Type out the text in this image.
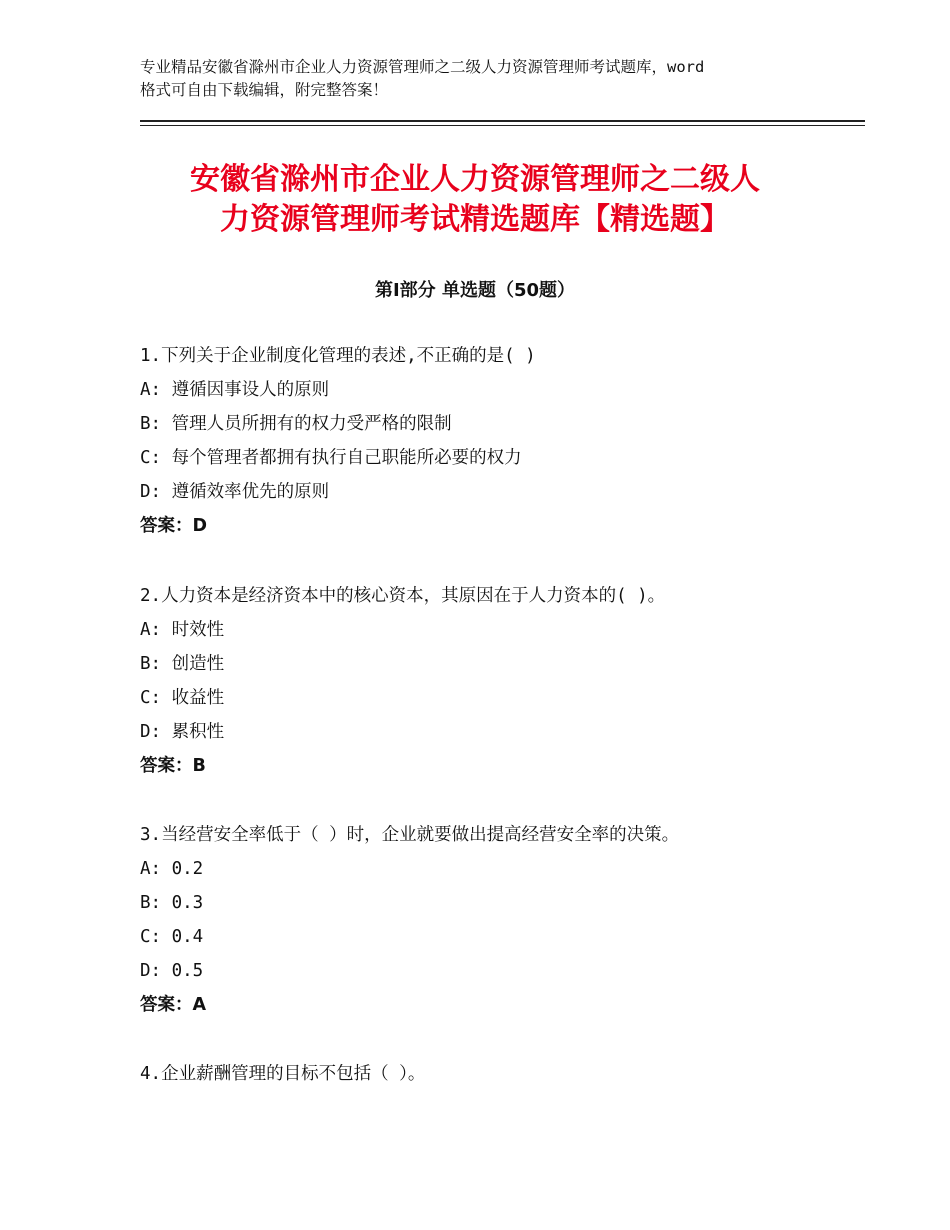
专业精品安徽省滁州市企业人力资源管理师之二级人力资源管理师考试题库，word
格式可自由下载编辑，附完整答案！
安徽省滁州市企业人力资源管理师之二级人
力资源管理师考试精选题库【精选题】
第Ⅰ部分 单选题（50题）
1.下列关于企业制度化管理的表述,不正确的是( )
A: 遵循因事设人的原则
B: 管理人员所拥有的权力受严格的限制
C: 每个管理者都拥有执行自己职能所必要的权力
D: 遵循效率优先的原则
答案：D
2.人力资本是经济资本中的核心资本，其原因在于人力资本的( )。
A: 时效性
B: 创造性
C: 收益性
D: 累积性
答案：B
3.当经营安全率低于（ ）时，企业就要做出提高经营安全率的决策。
A: 0.2
B: 0.3
C: 0.4
D: 0.5
答案：A
4.企业薪酬管理的目标不包括（ ）。
